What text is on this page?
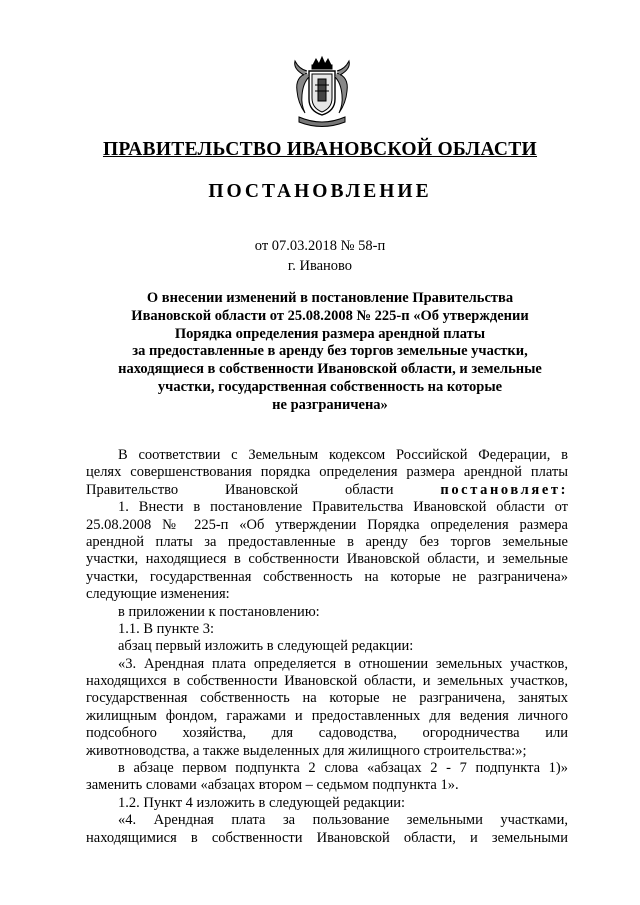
ПРАВИТЕЛЬСТВО ИВАНОВСКОЙ ОБЛАСТИ

ПОСТАНОВЛЕНИЕ

от 07.03.2018 № 58-п

г. Иваново

О внесении изменений в постановление Правительства
Ивановской области от 25.08.2008 № 225-п «Об утверждении
Порядка определения размера арендной платы
за предоставленные в аренду без торгов земельные участки,
находящиеся в собственности Ивановской области, и земельные
участки, государственная собственность на которые
не разграничена»
В соответствии с Земельным кодексом Российской Федерации, в
целях совершенствования порядка определения размера арендной платы
Правительство Ивановской области	постановляет:
1. Внести в постановление Правительства Ивановской области от
25.08.2008 № 225-п «Об утверждении Порядка определения размера
арендной платы за предоставленные в аренду без торгов земельные
участки, находящиеся в собственности Ивановской области, и земельные
участки, государственная собственность на которые не разграничена»
следующие изменения:
в приложении к постановлению:
1.1. В пункте 3:
абзац первый изложить в следующей редакции:
«3. Арендная плата определяется в отношении земельных участков,
находящихся в собственности Ивановской области, и земельных участков,
государственная собственность на которые не разграничена, занятых
жилищным фондом, гаражами и предоставленных для ведения личного
подсобного хозяйства, для садоводства, огородничества или
животноводства, а также выделенных для жилищного строительства:»;
в абзаце первом подпункта 2 слова «абзацах 2 - 7 подпункта 1)»
заменить словами «абзацах втором – седьмом подпункта 1».
1.2. Пункт 4 изложить в следующей редакции:
«4. Арендная плата за пользование земельными участками,
находящимися в собственности Ивановской области, и земельными
